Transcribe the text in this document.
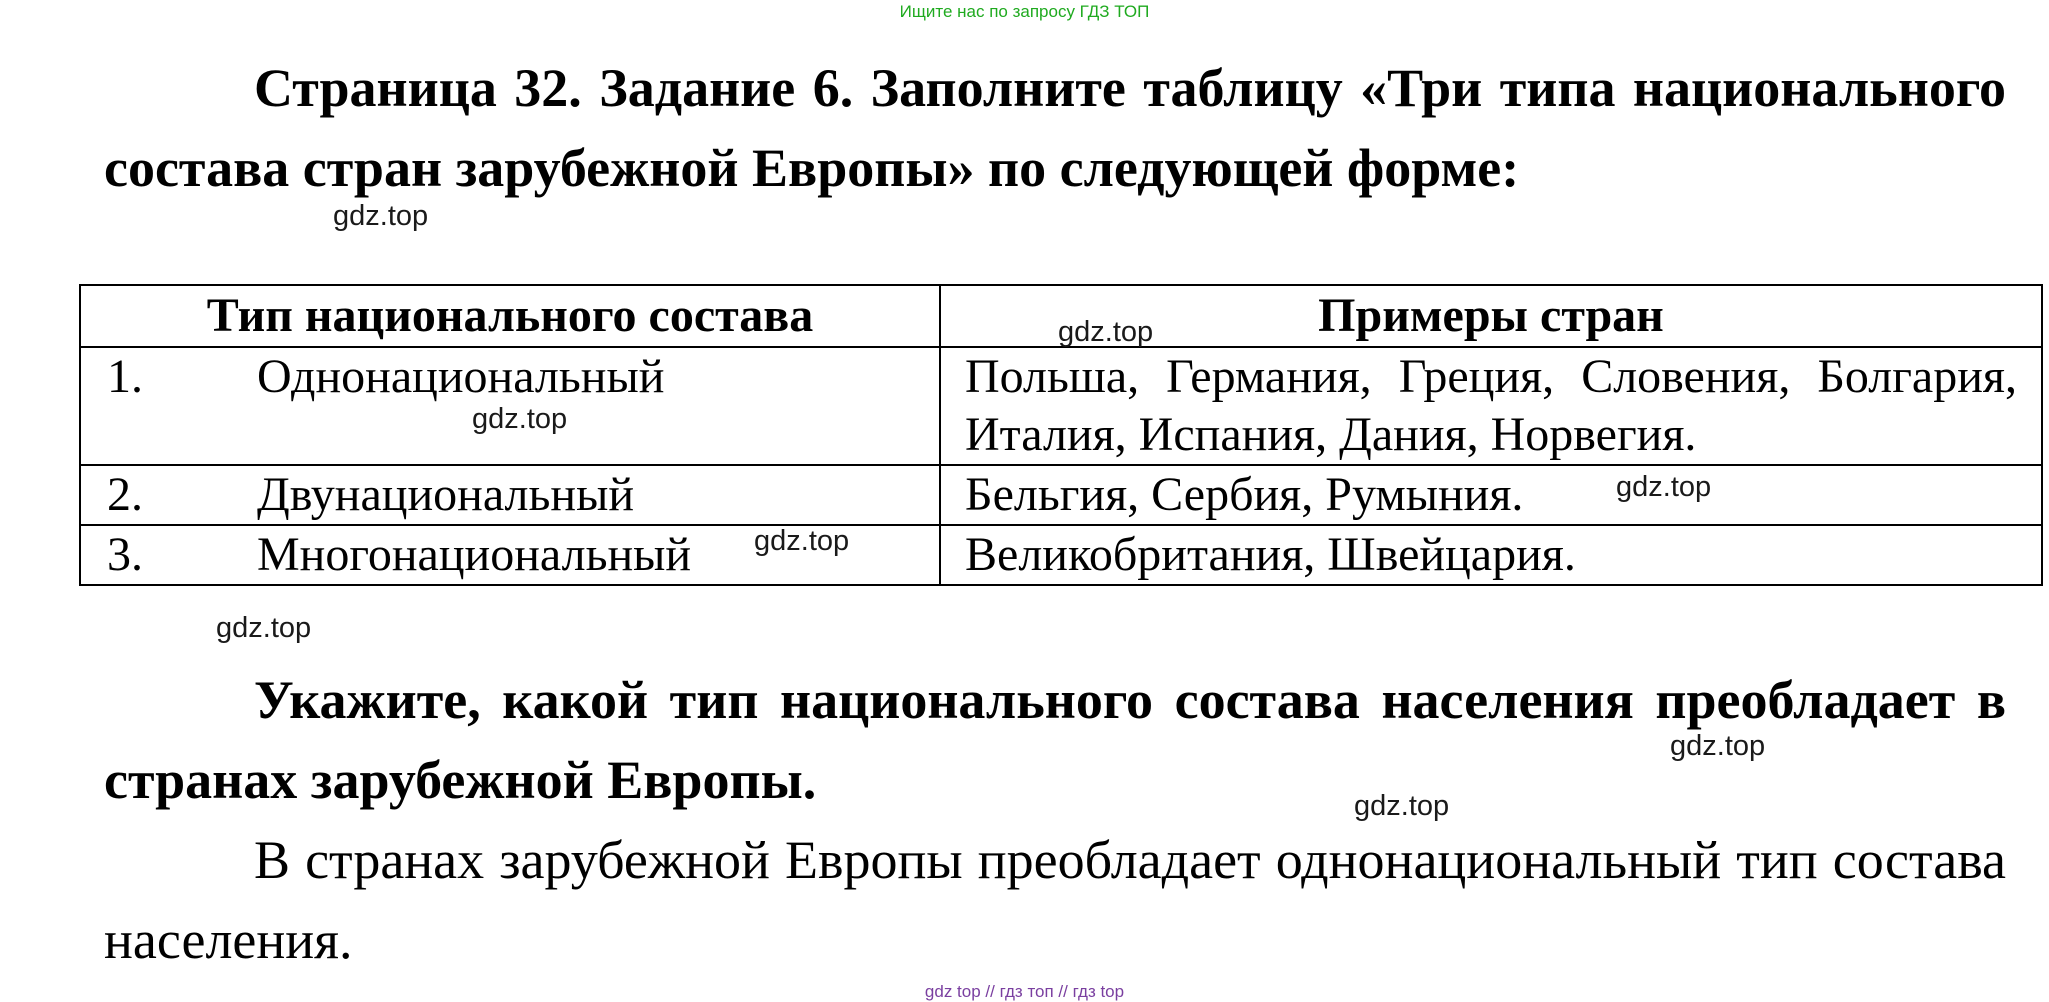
Ищите нас по запросу ГДЗ ТОП
Страница 32. Задание 6. Заполните таблицу «Три типа национального состава стран зарубежной Европы» по следующей форме:
Тип национального состава	Примеры стран
1. Однонациональный	Польша, Германия, Греция, Словения, Болгария, Италия, Испания, Дания, Норвегия.
2. Двунациональный	Бельгия, Сербия, Румыния.
3. Многонациональный	Великобритания, Швейцария.
Укажите, какой тип национального состава населения преобладает в странах зарубежной Европы.
В странах зарубежной Европы преобладает однонациональный тип состава населения.
gdz.top
gdz.top
gdz.top
gdz.top
gdz.top
gdz.top
gdz.top
gdz.top
gdz top // гдз топ // гдз top
